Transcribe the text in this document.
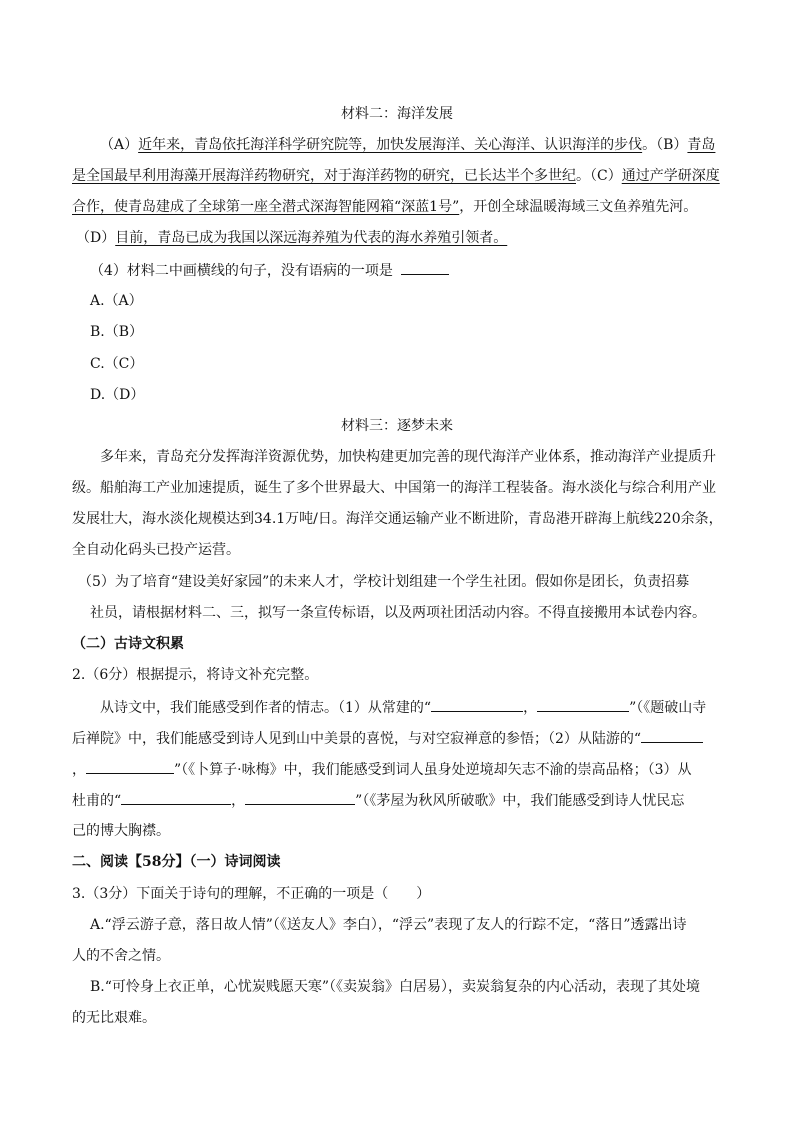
材料二：海洋发展
（A）近年来，青岛依托海洋科学研究院等，加快发展海洋、关心海洋、认识海洋的步伐。（B）青岛
是全国最早利用海藻开展海洋药物研究，对于海洋药物的研究，已长达半个多世纪。（C）通过产学研深度
合作，使青岛建成了全球第一座全潜式深海智能网箱“深蓝1号”，开创全球温暖海域三文鱼养殖先河。
（D）目前，青岛已成为我国以深远海养殖为代表的海水养殖引领者。
（4）材料二中画横线的句子，没有语病的一项是
A.（A）
B.（B）
C.（C）
D.（D）
材料三：逐梦未来
多年来，青岛充分发挥海洋资源优势，加快构建更加完善的现代海洋产业体系，推动海洋产业提质升
级。船舶海工产业加速提质，诞生了多个世界最大、中国第一的海洋工程装备。海水淡化与综合利用产业
发展壮大，海水淡化规模达到34.1万吨/日。海洋交通运输产业不断进阶，青岛港开辟海上航线220余条，
全自动化码头已投产运营。
（5）为了培育“建设美好家园”的未来人才，学校计划组建一个学生社团。假如你是团长，负责招募
社员，请根据材料二、三，拟写一条宣传标语，以及两项社团活动内容。不得直接搬用本试卷内容。
（二）古诗文积累
2.（6分）根据提示，将诗文补充完整。
从诗文中，我们能感受到作者的情志。（1）从常建的“	，	”（《题破山寺
后禅院》中，我们能感受到诗人见到山中美景的喜悦，与对空寂禅意的参悟；（2）从陆游的“
，	”（《卜算子·咏梅》中，我们能感受到词人虽身处逆境却矢志不渝的崇高品格；（3）从
杜甫的“	，	”（《茅屋为秋风所破歌》中，我们能感受到诗人忧民忘
己的博大胸襟。
二、阅读【58分】（一）诗词阅读
3.（3分）下面关于诗句的理解，不正确的一项是（　　）
A.“浮云游子意，落日故人情”（《送友人》李白），“浮云”表现了友人的行踪不定，“落日”透露出诗
人的不舍之情。
B.“可怜身上衣正单，心忧炭贱愿天寒”（《卖炭翁》白居易），卖炭翁复杂的内心活动，表现了其处境
的无比艰难。
